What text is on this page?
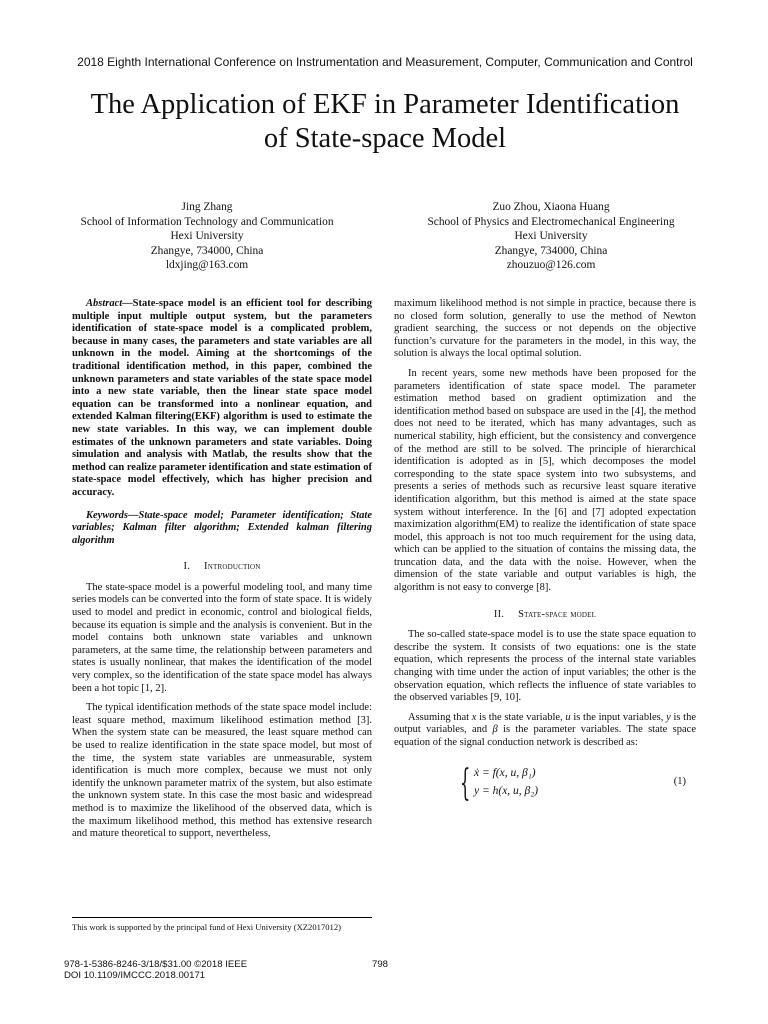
2018 Eighth International Conference on Instrumentation and Measurement, Computer, Communication and Control
The Application of EKF in Parameter Identification
of State-space Model
Jing Zhang
School of Information Technology and Communication
Hexi University
Zhangye, 734000, China
ldxjing@163.com
Zuo Zhou, Xiaona Huang
School of Physics and Electromechanical Engineering
Hexi University
Zhangye, 734000, China
zhouzuo@126.com

Abstract—State-space model is an efficient tool for describing multiple input multiple output system, but the parameters identification of state-space model is a complicated problem, because in many cases, the parameters and state variables are all unknown in the model. Aiming at the shortcomings of the traditional identification method, in this paper, combined the unknown parameters and state variables of the state space model into a new state variable, then the linear state space model equation can be transformed into a nonlinear equation, and extended Kalman filtering(EKF) algorithm is used to estimate the new state variables. In this way, we can implement double estimates of the unknown parameters and state variables. Doing simulation and analysis with Matlab, the results show that the method can realize parameter identification and state estimation of state-space model effectively, which has higher precision and accuracy.

Keywords—State-space model; Parameter identification; State variables; Kalman filter algorithm; Extended kalman filtering algorithm

I. Introduction

The state-space model is a powerful modeling tool, and many time series models can be converted into the form of state space. It is widely used to model and predict in economic, control and biological fields, because its equation is simple and the analysis is convenient. But in the model contains both unknown state variables and unknown parameters, at the same time, the relationship between parameters and states is usually nonlinear, that makes the identification of the model very complex, so the identification of the state space model has always been a hot topic [1, 2].

The typical identification methods of the state space model include: least square method, maximum likelihood estimation method [3]. When the system state can be measured, the least square method can be used to realize identification in the state space model, but most of the time, the system state variables are unmeasurable, system identification is much more complex, because we must not only identify the unknown parameter matrix of the system, but also estimate the unknown system state. In this case the most basic and widespread method is to maximize the likelihood of the observed data, which is the maximum likelihood method, this method has extensive research and mature theoretical to support, nevertheless,

maximum likelihood method is not simple in practice, because there is no closed form solution, generally to use the method of Newton gradient searching, the success or not depends on the objective function’s curvature for the parameters in the model, in this way, the solution is always the local optimal solution.

In recent years, some new methods have been proposed for the parameters identification of state space model. The parameter estimation method based on gradient optimization and the identification method based on subspace are used in the [4], the method does not need to be iterated, which has many advantages, such as numerical stability, high efficient, but the consistency and convergence of the method are still to be solved. The principle of hierarchical identification is adopted as in [5], which decomposes the model corresponding to the state space system into two subsystems, and presents a series of methods such as recursive least square iterative identification algorithm, but this method is aimed at the state space system without interference. In the [6] and [7] adopted expectation maximization algorithm(EM) to realize the identification of state space model, this approach is not too much requirement for the using data, which can be applied to the situation of contains the missing data, the truncation data, and the data with the noise. However, when the dimension of the state variable and output variables is high, the algorithm is not easy to converge [8].

II. State-space model

The so-called state-space model is to use the state space equation to describe the system. It consists of two equations: one is the state equation, which represents the process of the internal state variables changing with time under the action of input variables; the other is the observation equation, which reflects the influence of state variables to the observed variables [9, 10].

Assuming that x is the state variable, u is the input variables, y is the output variables, and β is the parameter variables. The state space equation of the signal conduction network is described as:

{ ẋ = f(x, u, β₁)
y = h(x, u, β₂)
(1)
This work is supported by the principal fund of Hexi University (XZ2017012)
978-1-5386-8246-3/18/$31.00 ©2018 IEEE
DOI 10.1109/IMCCC.2018.00171
798
